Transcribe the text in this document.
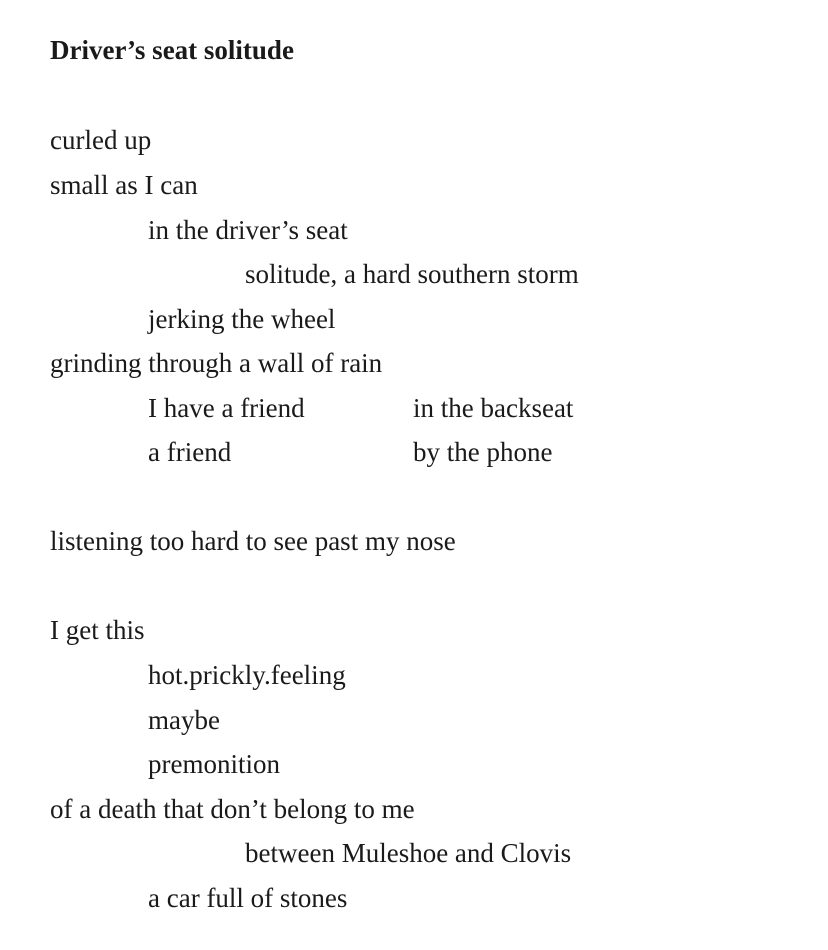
Driver’s seat solitude
curled up
small as I can
in the driver’s seat
solitude, a hard southern storm
jerking the wheel
grinding through a wall of rain
I have a friend	in the backseat
a friend	by the phone
listening too hard to see past my nose
I get this
hot.prickly.feeling
maybe
premonition
of a death that don’t belong to me
between Muleshoe and Clovis
a car full of stones
